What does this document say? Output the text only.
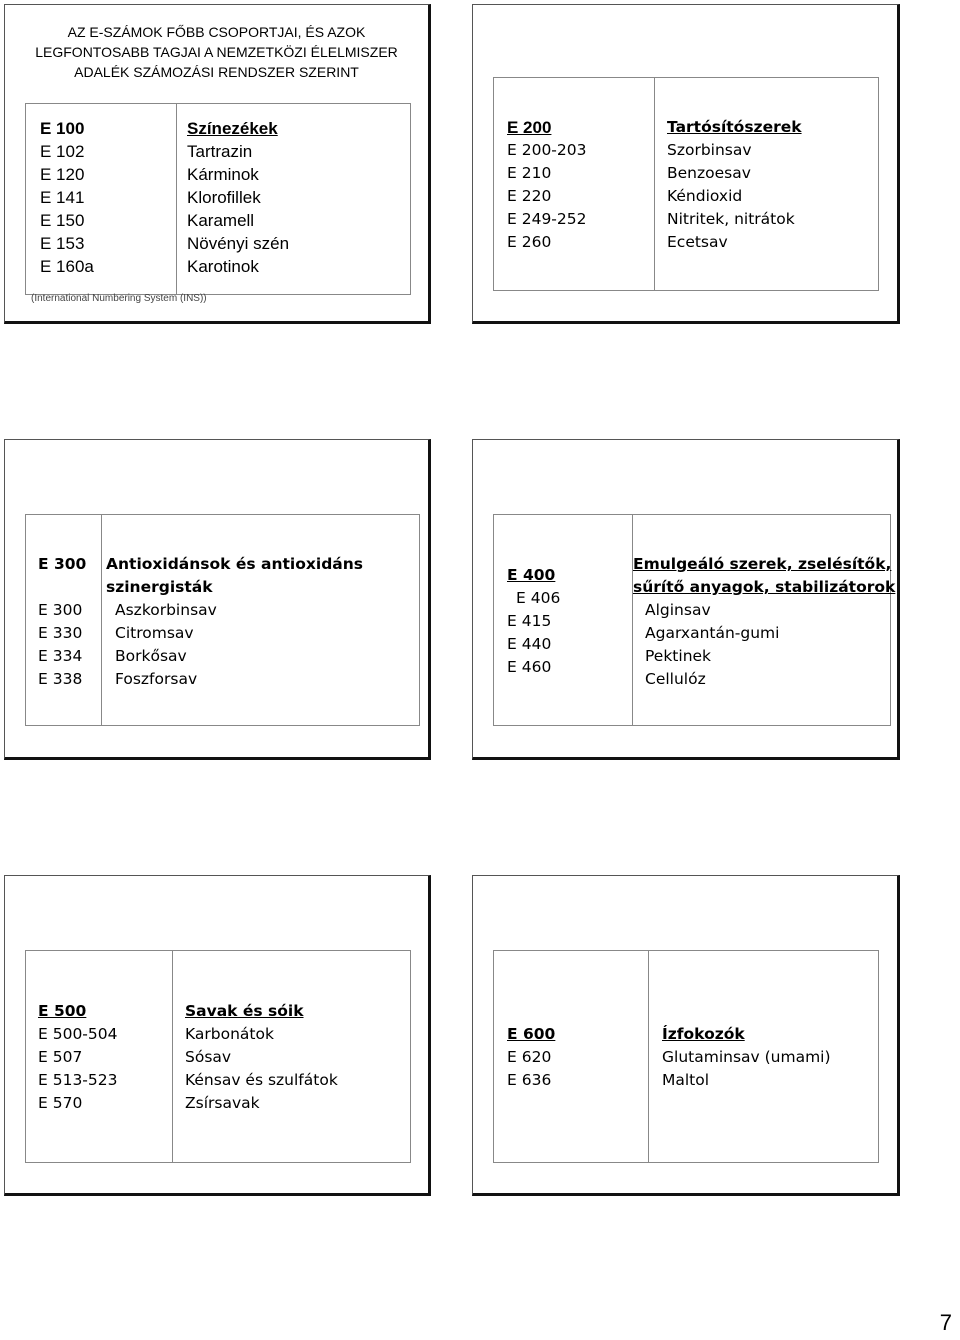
AZ E-SZÁMOK FŐBB CSOPORTJAI, ÉS AZOK
LEGFONTOSABB TAGJAI A NEMZETKÖZI ÉLELMISZER
ADALÉK SZÁMOZÁSI RENDSZER SZERINT
E 100
E 102
E 120
E 141
E 150
E 153
E 160a
Színezékek
Tartrazin
Kárminok
Klorofillek
Karamell
Növényi szén
Karotinok
(International Numbering System (INS))
E 200
E 200-203
E 210
E 220
E 249-252
E 260
Tartósítószerek
Szorbinsav
Benzoesav
Kéndioxid
Nitritek, nitrátok
Ecetsav
E 300
E 300
E 330
E 334
E 338
Antioxidánsok és antioxidáns
szinergisták
Aszkorbinsav
Citromsav
Borkősav
Foszforsav
E 400
E 406
E 415
E 440
E 460
Emulgeáló szerek, zselésítők,
sűrítő anyagok, stabilizátorok
Alginsav
Agarxantán-gumi
Pektinek
Cellulóz
E 500
E 500-504
E 507
E 513-523
E 570
Savak és sóik
Karbonátok
Sósav
Kénsav és szulfátok
Zsírsavak
E 600
E 620
E 636
Ízfokozók
Glutaminsav (umami)
Maltol
7
